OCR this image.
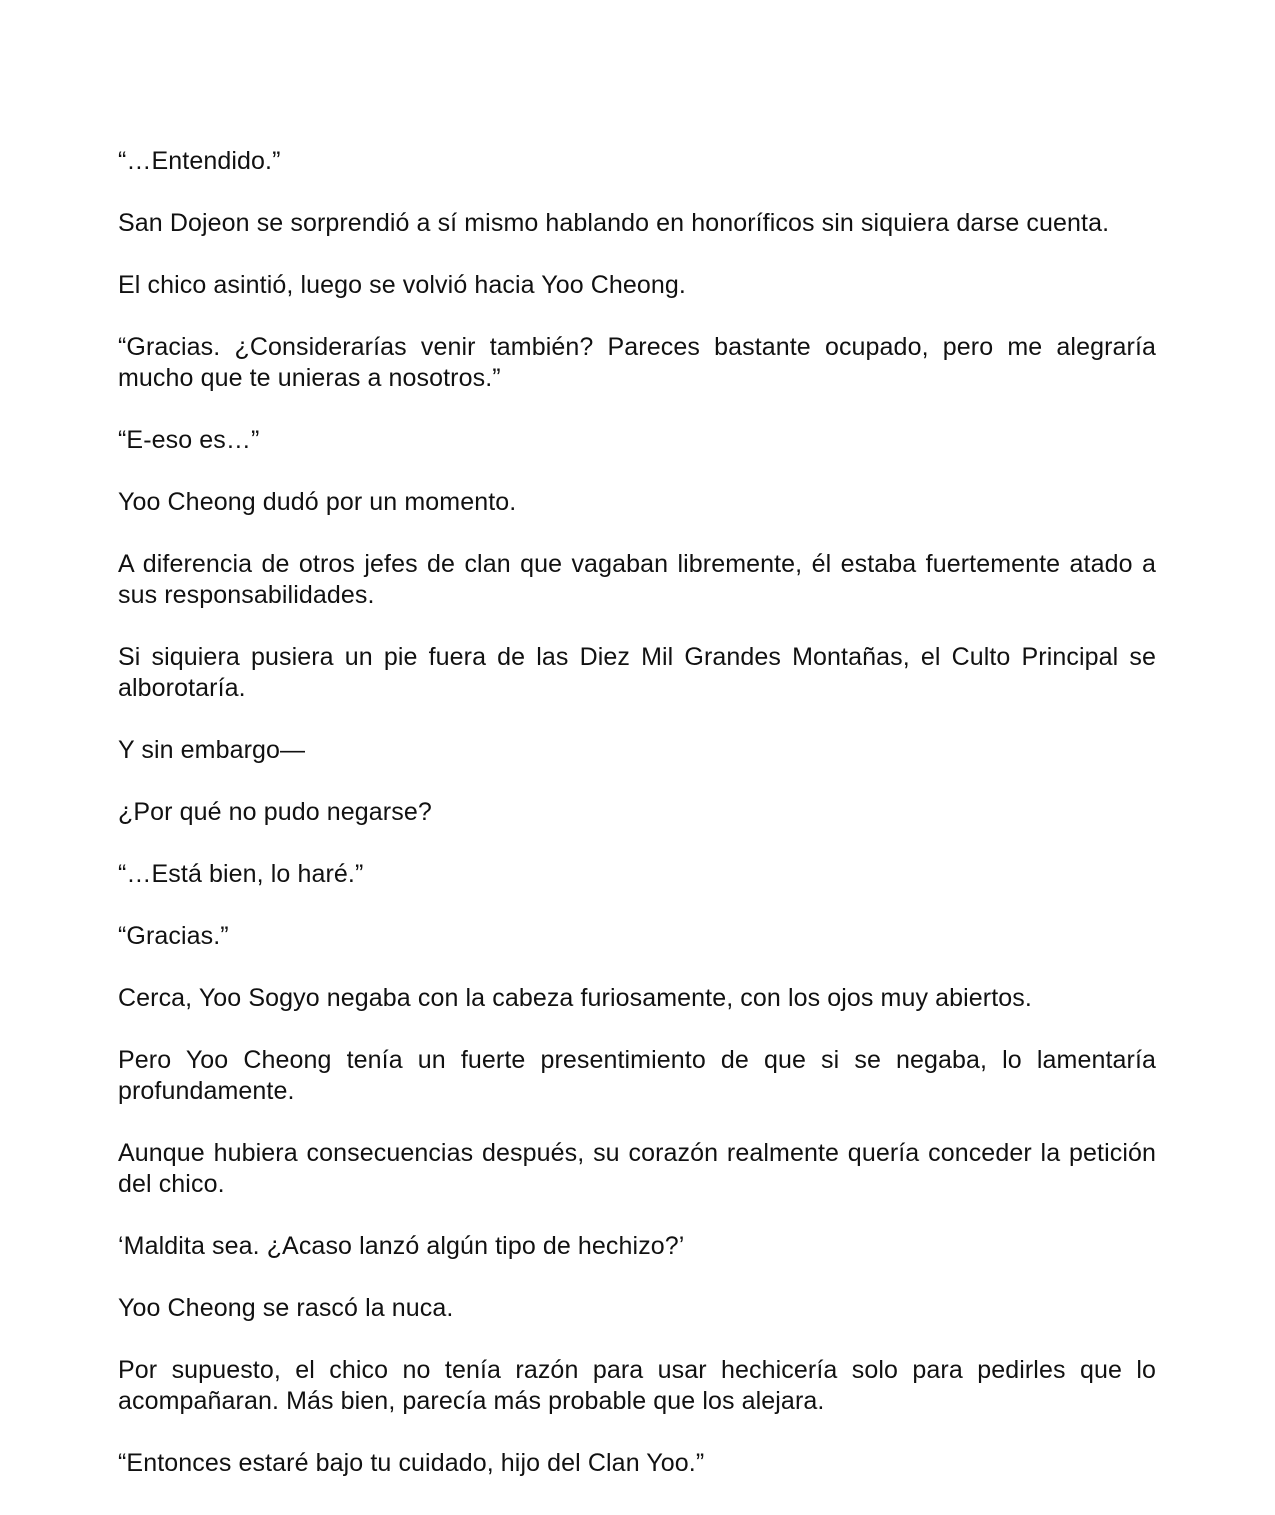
“…Entendido.”

San Dojeon se sorprendió a sí mismo hablando en honoríficos sin siquiera darse cuenta.

El chico asintió, luego se volvió hacia Yoo Cheong.

“Gracias. ¿Considerarías venir también? Pareces bastante ocupado, pero me alegraría mucho que te unieras a nosotros.”

“E-eso es…”

Yoo Cheong dudó por un momento.

A diferencia de otros jefes de clan que vagaban libremente, él estaba fuertemente atado a sus responsabilidades.

Si siquiera pusiera un pie fuera de las Diez Mil Grandes Montañas, el Culto Principal se alborotaría.

Y sin embargo—

¿Por qué no pudo negarse?

“…Está bien, lo haré.”

“Gracias.”

Cerca, Yoo Sogyo negaba con la cabeza furiosamente, con los ojos muy abiertos.

Pero Yoo Cheong tenía un fuerte presentimiento de que si se negaba, lo lamentaría profundamente.

Aunque hubiera consecuencias después, su corazón realmente quería conceder la petición del chico.

‘Maldita sea. ¿Acaso lanzó algún tipo de hechizo?’

Yoo Cheong se rascó la nuca.

Por supuesto, el chico no tenía razón para usar hechicería solo para pedirles que lo acompañaran. Más bien, parecía más probable que los alejara.

“Entonces estaré bajo tu cuidado, hijo del Clan Yoo.”
